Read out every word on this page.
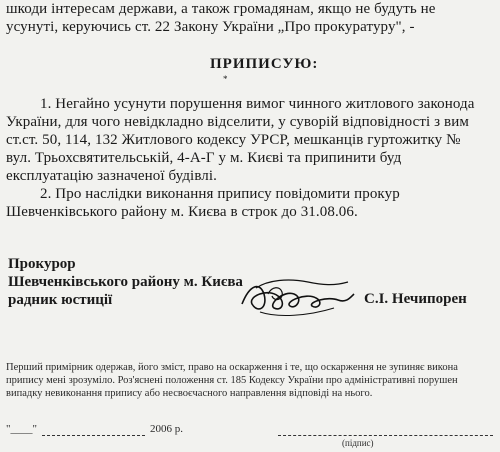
шкоди інтересам держави, а також громадянам, якщо не будуть не
усунуті, керуючись ст. 22 Закону України „Про прокуратуру", -
ПРИПИСУЮ:
*
1. Негайно усунути порушення вимог чинного житлового законода
України, для чого невідкладно відселити, у суворій відповідності з вим
ст.ст. 50, 114, 132 Житлового кодексу УРСР, мешканців гуртожитку №
вул. Трьохсвятительській, 4-А-Г у м. Києві та припинити буд
експлуатацію зазначеної будівлі.
2. Про наслідки виконання припису повідомити прокур
Шевченківського району м. Києва в строк до 31.08.06.
Прокурор
Шевченківського району м. Києва
радник юстиції	С.І. Нечипорен
Перший примірник одержав, його зміст, право на оскарження і те, що оскарження не зупиняє викона
припису мені зрозуміло. Роз'яснені положення ст. 185 Кодексу України про адміністративні порушен
випадку невиконання припису або несвоєчасного направлення відповіді на нього.
"____"	2006 р.
(підпис)
